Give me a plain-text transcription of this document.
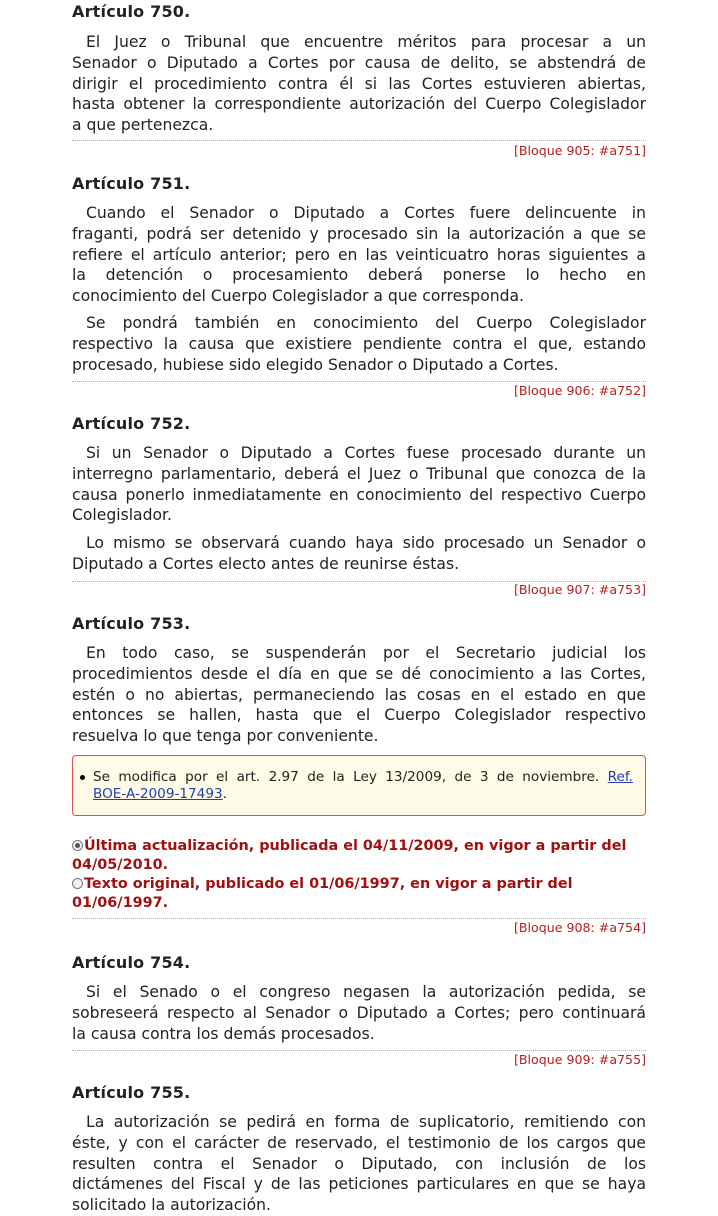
Artículo 750.
El Juez o Tribunal que encuentre méritos para procesar a un
Senador o Diputado a Cortes por causa de delito, se abstendrá de
dirigir el procedimiento contra él si las Cortes estuvieren abiertas,
hasta obtener la correspondiente autorización del Cuerpo Colegislador
a que pertenezca.
[Bloque 905: #a751]
Artículo 751.
Cuando el Senador o Diputado a Cortes fuere delincuente in
fraganti, podrá ser detenido y procesado sin la autorización a que se
refiere el artículo anterior; pero en las veinticuatro horas siguientes a
la detención o procesamiento deberá ponerse lo hecho en
conocimiento del Cuerpo Colegislador a que corresponda.
Se pondrá también en conocimiento del Cuerpo Colegislador
respectivo la causa que existiere pendiente contra el que, estando
procesado, hubiese sido elegido Senador o Diputado a Cortes.
[Bloque 906: #a752]
Artículo 752.
Si un Senador o Diputado a Cortes fuese procesado durante un
interregno parlamentario, deberá el Juez o Tribunal que conozca de la
causa ponerlo inmediatamente en conocimiento del respectivo Cuerpo
Colegislador.
Lo mismo se observará cuando haya sido procesado un Senador o
Diputado a Cortes electo antes de reunirse éstas.
[Bloque 907: #a753]
Artículo 753.
En todo caso, se suspenderán por el Secretario judicial los
procedimientos desde el día en que se dé conocimiento a las Cortes,
estén o no abiertas, permaneciendo las cosas en el estado en que
entonces se hallen, hasta que el Cuerpo Colegislador respectivo
resuelva lo que tenga por conveniente.
Se modifica por el art. 2.97 de la Ley 13/2009, de 3 de noviembre. Ref.
BOE-A-2009-17493.
Última actualización, publicada el 04/11/2009, en vigor a partir del
04/05/2010.
Texto original, publicado el 01/06/1997, en vigor a partir del
01/06/1997.
[Bloque 908: #a754]
Artículo 754.
Si el Senado o el congreso negasen la autorización pedida, se
sobreseerá respecto al Senador o Diputado a Cortes; pero continuará
la causa contra los demás procesados.
[Bloque 909: #a755]
Artículo 755.
La autorización se pedirá en forma de suplicatorio, remitiendo con
éste, y con el carácter de reservado, el testimonio de los cargos que
resulten contra el Senador o Diputado, con inclusión de los
dictámenes del Fiscal y de las peticiones particulares en que se haya
solicitado la autorización.
